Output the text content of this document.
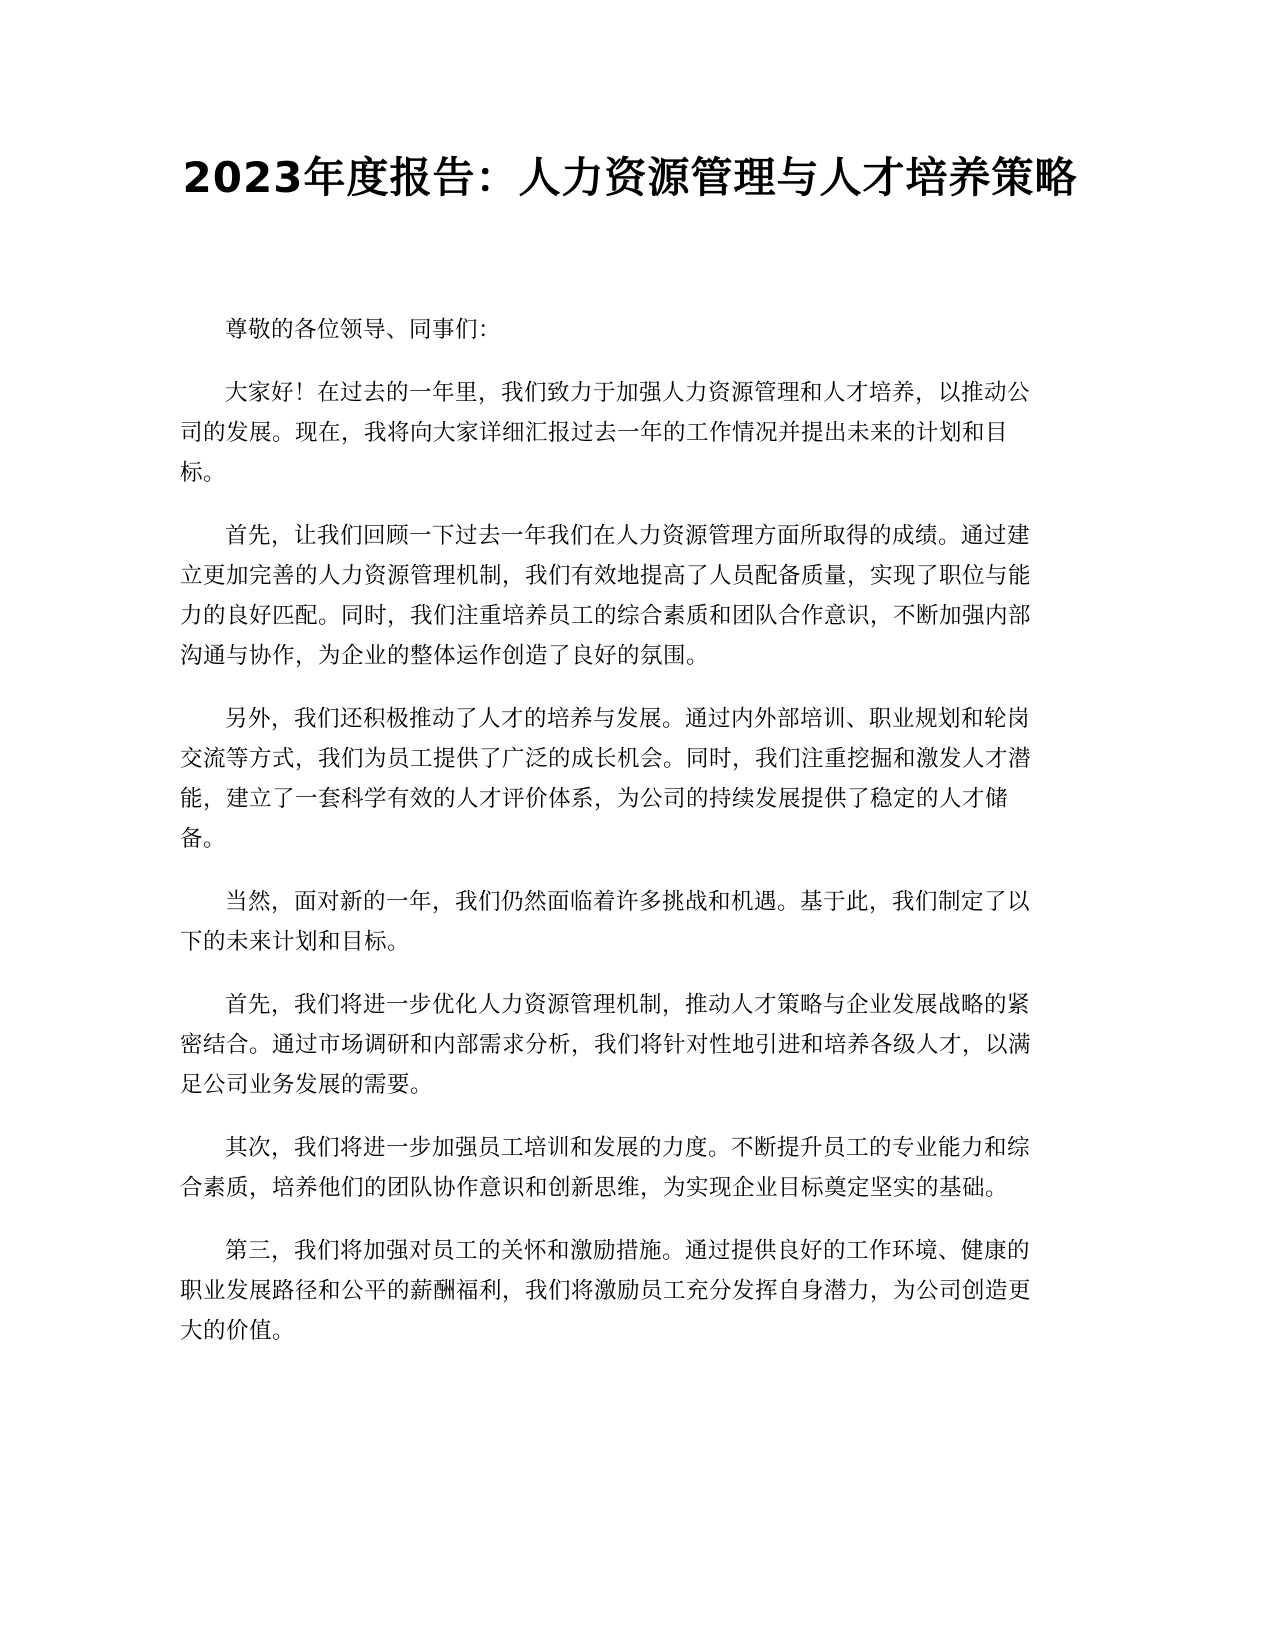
2023年度报告：人力资源管理与人才培养策略

尊敬的各位领导、同事们：

大家好！在过去的一年里，我们致力于加强人力资源管理和人才培养，以推动公司的发展。现在，我将向大家详细汇报过去一年的工作情况并提出未来的计划和目标。

首先，让我们回顾一下过去一年我们在人力资源管理方面所取得的成绩。通过建立更加完善的人力资源管理机制，我们有效地提高了人员配备质量，实现了职位与能力的良好匹配。同时，我们注重培养员工的综合素质和团队合作意识，不断加强内部沟通与协作，为企业的整体运作创造了良好的氛围。

另外，我们还积极推动了人才的培养与发展。通过内外部培训、职业规划和轮岗交流等方式，我们为员工提供了广泛的成长机会。同时，我们注重挖掘和激发人才潜能，建立了一套科学有效的人才评价体系，为公司的持续发展提供了稳定的人才储备。

当然，面对新的一年，我们仍然面临着许多挑战和机遇。基于此，我们制定了以下的未来计划和目标。

首先，我们将进一步优化人力资源管理机制，推动人才策略与企业发展战略的紧密结合。通过市场调研和内部需求分析，我们将针对性地引进和培养各级人才，以满足公司业务发展的需要。

其次，我们将进一步加强员工培训和发展的力度。不断提升员工的专业能力和综合素质，培养他们的团队协作意识和创新思维，为实现企业目标奠定坚实的基础。

第三，我们将加强对员工的关怀和激励措施。通过提供良好的工作环境、健康的职业发展路径和公平的薪酬福利，我们将激励员工充分发挥自身潜力，为公司创造更大的价值。
